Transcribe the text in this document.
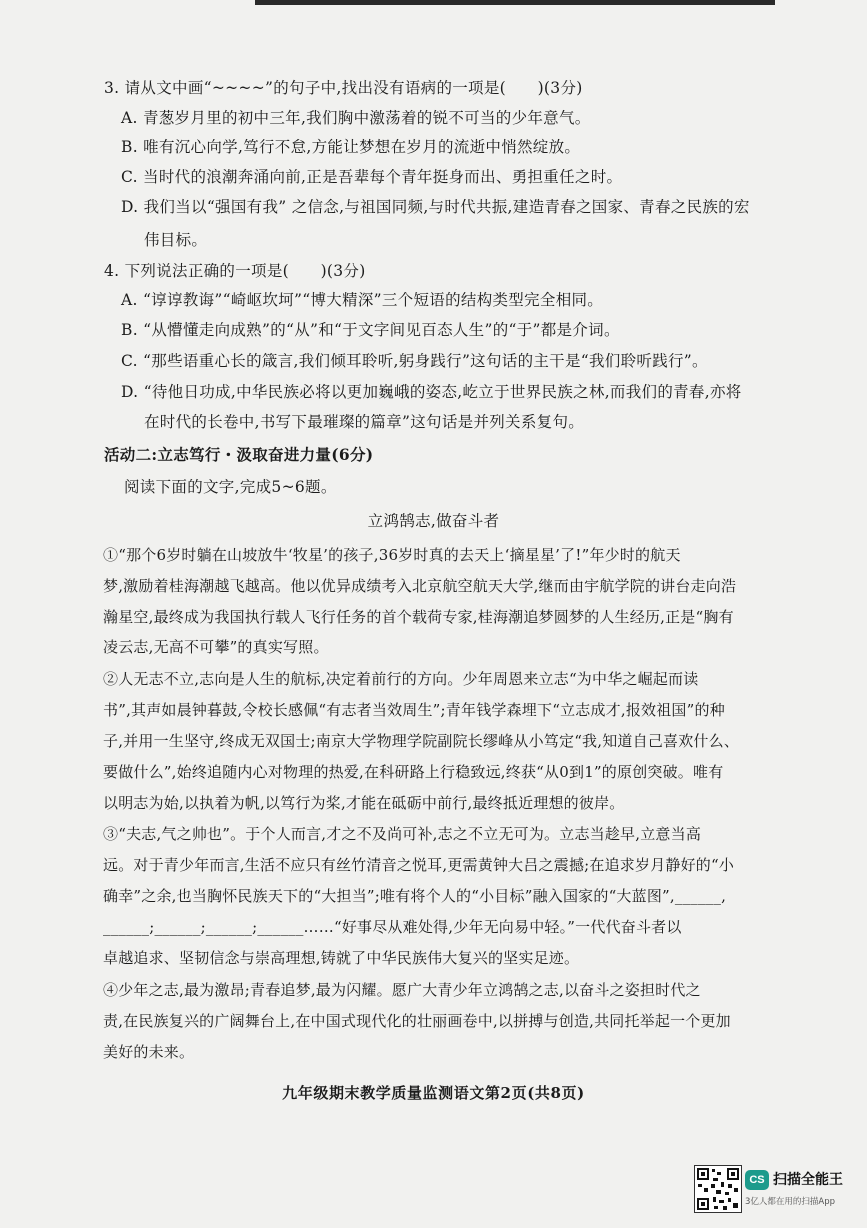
3. 请从文中画“~~~~”的句子中,找出没有语病的一项是(　　)(3分)
A. 青葱岁月里的初中三年,我们胸中激荡着的锐不可当的少年意气。
B. 唯有沉心向学,笃行不怠,方能让梦想在岁月的流逝中悄然绽放。
C. 当时代的浪潮奔涌向前,正是吾辈每个青年挺身而出、勇担重任之时。
D. 我们当以“强国有我” 之信念,与祖国同频,与时代共振,建造青春之国家、青春之民族的宏
伟目标。
4. 下列说法正确的一项是(　　)(3分)
A. “谆谆教诲”“崎岖坎坷”“博大精深”三个短语的结构类型完全相同。
B. “从懵懂走向成熟”的“从”和“于文字间见百态人生”的“于”都是介词。
C. “那些语重心长的箴言,我们倾耳聆听,躬身践行”这句话的主干是“我们聆听践行”。
D. “待他日功成,中华民族必将以更加巍峨的姿态,屹立于世界民族之林,而我们的青春,亦将
在时代的长卷中,书写下最璀璨的篇章”这句话是并列关系复句。
活动二:立志笃行・汲取奋进力量(6分)
阅读下面的文字,完成5~6题。
立鸿鹄志,做奋斗者
①“那个6岁时躺在山坡放牛‘牧星’的孩子,36岁时真的去天上‘摘星星’了!”年少时的航天
梦,激励着桂海潮越飞越高。他以优异成绩考入北京航空航天大学,继而由宇航学院的讲台走向浩
瀚星空,最终成为我国执行载人飞行任务的首个载荷专家,桂海潮追梦圆梦的人生经历,正是“胸有
凌云志,无高不可攀”的真实写照。
②人无志不立,志向是人生的航标,决定着前行的方向。少年周恩来立志“为中华之崛起而读
书”,其声如晨钟暮鼓,令校长感佩“有志者当效周生”;青年钱学森埋下“立志成才,报效祖国”的种
子,并用一生坚守,终成无双国士;南京大学物理学院副院长缪峰从小笃定“我,知道自己喜欢什么、
要做什么”,始终追随内心对物理的热爱,在科研路上行稳致远,终获“从0到1”的原创突破。唯有
以明志为始,以执着为帆,以笃行为桨,才能在砥砺中前行,最终抵近理想的彼岸。
③“夫志,气之帅也”。于个人而言,才之不及尚可补,志之不立无可为。立志当趁早,立意当高
远。对于青少年而言,生活不应只有丝竹清音之悦耳,更需黄钟大吕之震撼;在追求岁月静好的“小
确幸”之余,也当胸怀民族天下的“大担当”;唯有将个人的“小目标”融入国家的“大蓝图”,______,
______;______;______;______……“好事尽从难处得,少年无向易中轻。”一代代奋斗者以
卓越追求、坚韧信念与崇高理想,铸就了中华民族伟大复兴的坚实足迹。
④少年之志,最为激昂;青春追梦,最为闪耀。愿广大青少年立鸿鹄之志,以奋斗之姿担时代之
责,在民族复兴的广阔舞台上,在中国式现代化的壮丽画卷中,以拼搏与创造,共同托举起一个更加
美好的未来。
九年级期末教学质量监测语文第2页(共8页)
CS 扫描全能王
3亿人都在用的扫描App
